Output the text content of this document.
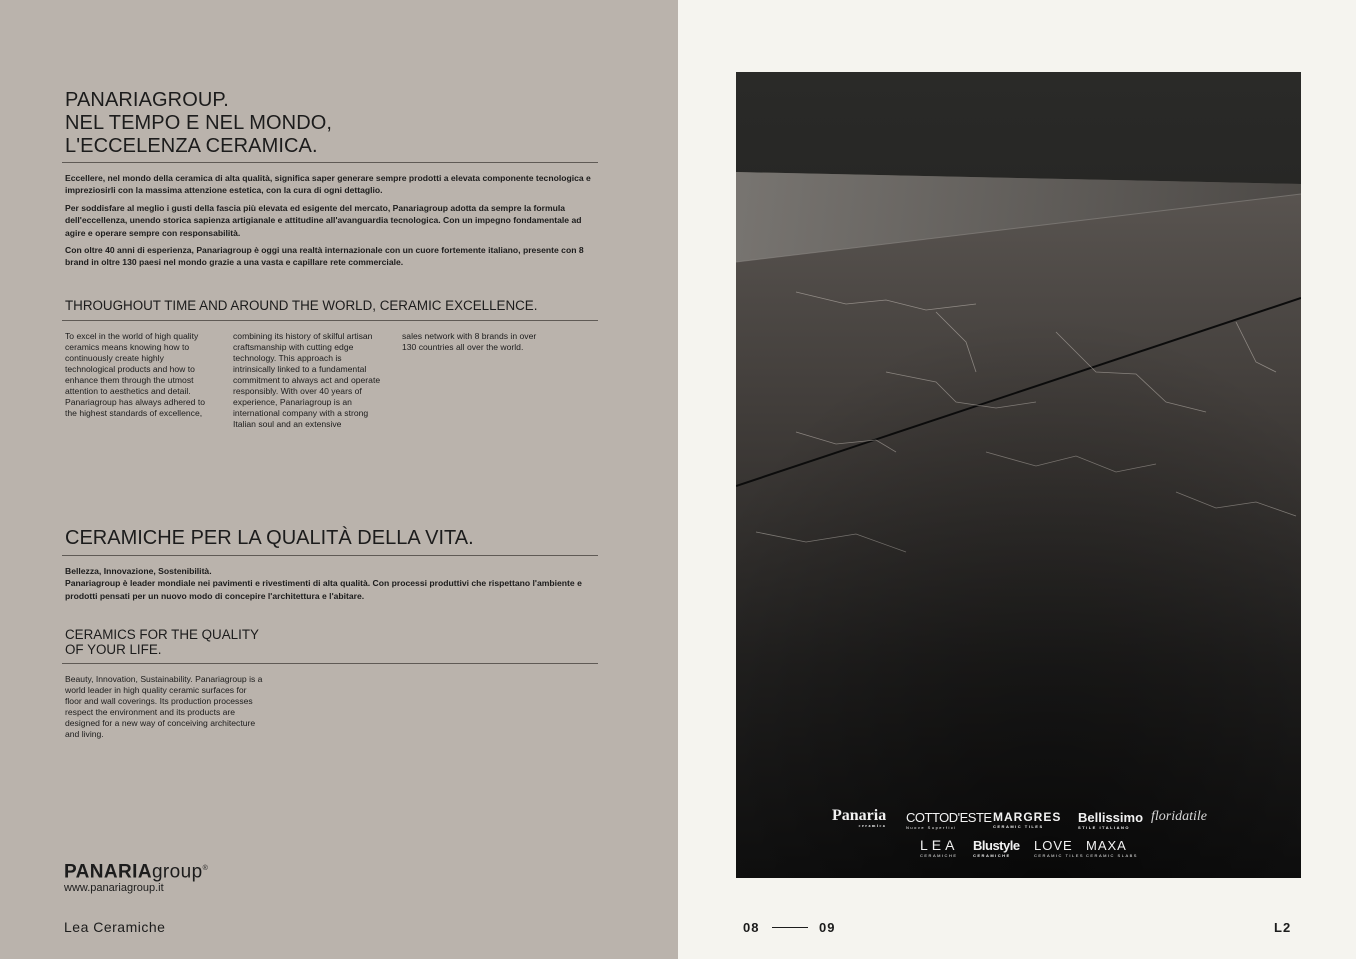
PANARIAGROUP.
NEL TEMPO E NEL MONDO,
L'ECCELENZA CERAMICA.

Eccellere, nel mondo della ceramica di alta qualità, significa saper generare sempre prodotti a elevata componente tecnologica e impreziosirli con la massima attenzione estetica, con la cura di ogni dettaglio.

Per soddisfare al meglio i gusti della fascia più elevata ed esigente del mercato, Panariagroup adotta da sempre la formula dell'eccellenza, unendo storica sapienza artigianale e attitudine all'avanguardia tecnologica. Con un impegno fondamentale ad agire e operare sempre con responsabilità.

Con oltre 40 anni di esperienza, Panariagroup è oggi una realtà internazionale con un cuore fortemente italiano, presente con 8 brand in oltre 130 paesi nel mondo grazie a una vasta e capillare rete commerciale.

THROUGHOUT TIME AND AROUND THE WORLD, CERAMIC EXCELLENCE.

To excel in the world of high quality ceramics means knowing how to continuously create highly technological products and how to enhance them through the utmost attention to aesthetics and detail. Panariagroup has always adhered to the highest standards of excellence,

combining its history of skilful artisan craftsmanship with cutting edge technology. This approach is intrinsically linked to a fundamental commitment to always act and operate responsibly. With over 40 years of experience, Panariagroup is an international company with a strong Italian soul and an extensive

sales network with 8 brands in over 130 countries all over the world.

CERAMICHE PER LA QUALITÀ DELLA VITA.

Bellezza, Innovazione, Sostenibilità.
Panariagroup è leader mondiale nei pavimenti e rivestimenti di alta qualità. Con processi produttivi che rispettano l'ambiente e prodotti pensati per un nuovo modo di concepire l'architettura e l'abitare.

CERAMICS FOR THE QUALITY
OF YOUR LIFE.

Beauty, Innovation, Sustainability. Panariagroup is a world leader in high quality ceramic surfaces for floor and wall coverings. Its production processes respect the environment and its products are designed for a new way of conceiving architecture and living.

PANARIAgroup®
www.panariagroup.it
Lea Ceramiche
Panaria
ceramica
COTTOD'ESTE
Nuove Superfici
MARGRES
CERAMIC TILES
Bellissimo
STILE ITALIANO
floridatile
LEA
CERAMICHE
Blustyle
CERAMICHE
LOVE
CERAMIC TILES
MAXA
CERAMIC SLABS
08	09	L2
